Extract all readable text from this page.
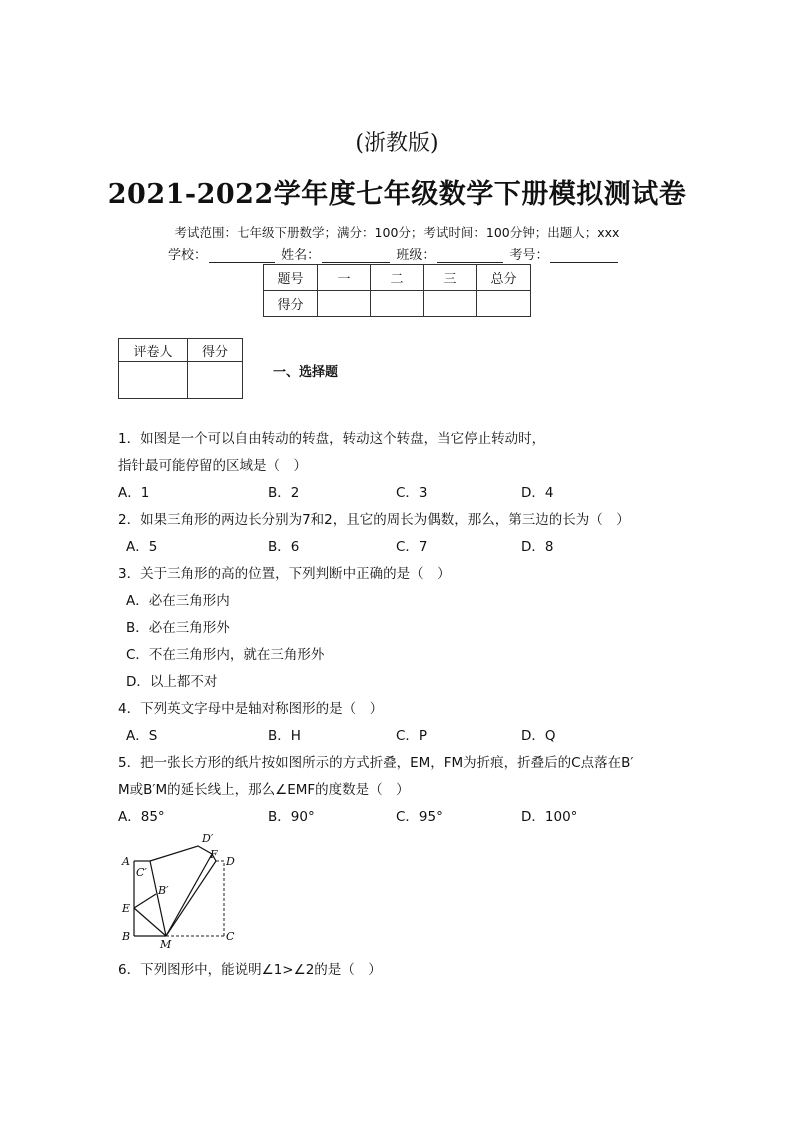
(浙教版)
2021-2022学年度七年级数学下册模拟测试卷
考试范围：七年级下册数学；满分：100分；考试时间：100分钟；出题人；xxx
学校：	姓名：	班级：	考号：
题号	一	二	三	总分
得分				
评卷人	得分

一、选择题
1．如图是一个可以自由转动的转盘，转动这个转盘，当它停止转动时，
指针最可能停留的区域是（　）
A．1	B．2	C．3	D．4
2．如果三角形的两边长分别为7和2，且它的周长为偶数，那么，第三边的长为（　）
A．5	B．6	C．7	D．8
3．关于三角形的高的位置，下列判断中正确的是（　）
A．必在三角形内
B．必在三角形外
C．不在三角形内，就在三角形外
D．以上都不对
4．下列英文字母中是轴对称图形的是（　）
A．S	B．H	C．P	D．Q
5．把一张长方形的纸片按如图所示的方式折叠，EM，FM为折痕，折叠后的C点落在B′
M或B′M的延长线上，那么∠EMF的度数是（　）
A．85°	B．90°	C．95°	D．100°
A
B	C
D
D′
F
C′
B′
E
M
6．下列图形中，能说明∠1>∠2的是（　）
